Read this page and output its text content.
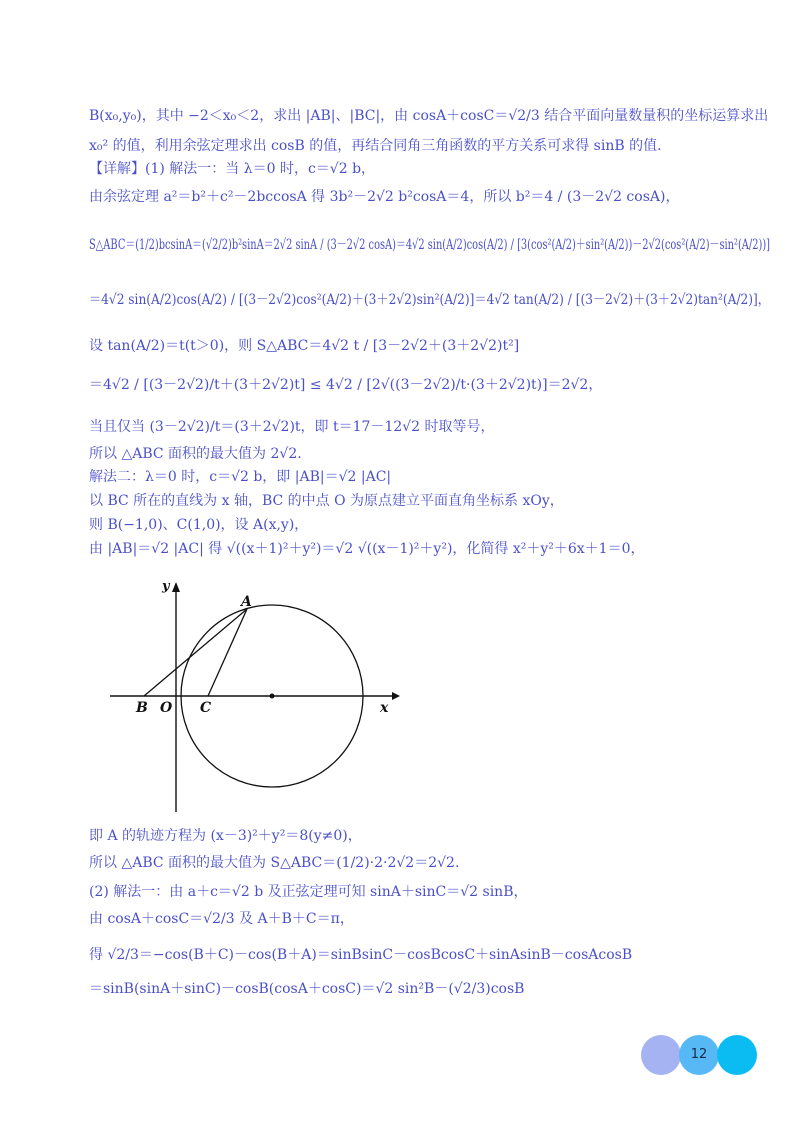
B(x₀,y₀)，其中 −2＜x₀＜2，求出 |AB|、|BC|，由 cosA＋cosC＝√2/3 结合平面向量数量积的坐标运算求出
x₀² 的值，利用余弦定理求出 cosB 的值，再结合同角三角函数的平方关系可求得 sinB 的值.
【详解】(1) 解法一：当 λ＝0 时，c＝√2 b，
由余弦定理 a²＝b²＋c²－2bccosA 得 3b²－2√2 b²cosA＝4，所以 b²＝4 / (3－2√2 cosA)，
S△ABC＝(1/2)bcsinA＝(√2/2)b²sinA＝2√2 sinA / (3－2√2 cosA)＝4√2 sin(A/2)cos(A/2) / [3(cos²(A/2)＋sin²(A/2))－2√2(cos²(A/2)－sin²(A/2))]
＝4√2 sin(A/2)cos(A/2) / [(3－2√2)cos²(A/2)＋(3＋2√2)sin²(A/2)]＝4√2 tan(A/2) / [(3－2√2)＋(3＋2√2)tan²(A/2)]，
设 tan(A/2)＝t(t＞0)，则 S△ABC＝4√2 t / [3－2√2＋(3＋2√2)t²]
＝4√2 / [(3－2√2)/t＋(3＋2√2)t] ≤ 4√2 / [2√((3－2√2)/t·(3＋2√2)t)]＝2√2，
当且仅当 (3－2√2)/t＝(3＋2√2)t，即 t＝17－12√2 时取等号，
所以 △ABC 面积的最大值为 2√2.
解法二：λ＝0 时，c＝√2 b，即 |AB|＝√2 |AC|
以 BC 所在的直线为 x 轴，BC 的中点 O 为原点建立平面直角坐标系 xOy，
则 B(−1,0)、C(1,0)，设 A(x,y)，
由 |AB|＝√2 |AC| 得 √((x＋1)²＋y²)＝√2 √((x－1)²＋y²)，化简得 x²＋y²＋6x＋1＝0，
即 A 的轨迹方程为 (x－3)²＋y²＝8(y≠0)，
所以 △ABC 面积的最大值为 S△ABC＝(1/2)·2·2√2＝2√2.
(2) 解法一：由 a＋c＝√2 b 及正弦定理可知 sinA＋sinC＝√2 sinB，
由 cosA＋cosC＝√2/3 及 A＋B＋C＝π，
得 √2/3＝−cos(B＋C)－cos(B＋A)＝sinBsinC－cosBcosC＋sinAsinB－cosAcosB
＝sinB(sinA＋sinC)－cosB(cosA＋cosC)＝√2 sin²B－(√2/3)cosB
y
x
A
B O C
12
